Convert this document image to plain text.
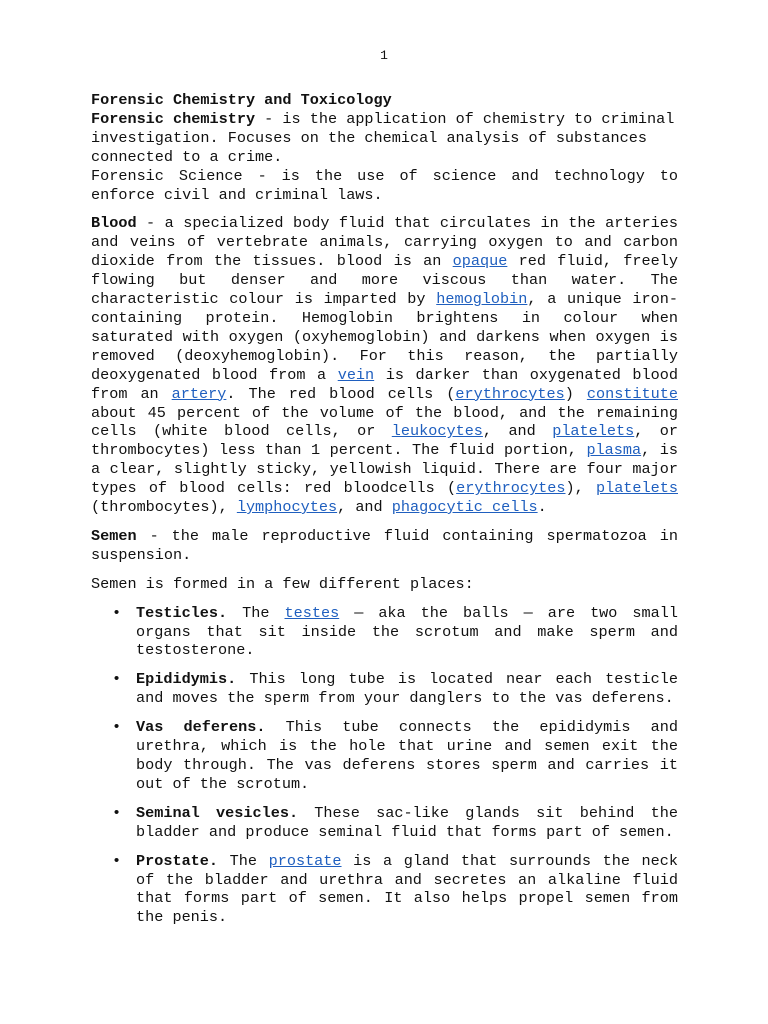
1

Forensic Chemistry and Toxicology

Forensic chemistry - is the application of chemistry to criminal investigation. Focuses on the chemical analysis of substances connected to a crime.

Forensic Science - is the use of science and technology to enforce civil and criminal laws.

Blood - a specialized body fluid that circulates in the arteries and veins of vertebrate animals, carrying oxygen to and carbon dioxide from the tissues. blood is an opaque red fluid, freely flowing but denser and more viscous than water. The characteristic colour is imparted by hemoglobin, a unique iron-containing protein. Hemoglobin brightens in colour when saturated with oxygen (oxyhemoglobin) and darkens when oxygen is removed (deoxyhemoglobin). For this reason, the partially deoxygenated blood from a vein is darker than oxygenated blood from an artery. The red blood cells (erythrocytes) constitute about 45 percent of the volume of the blood, and the remaining cells (white blood cells, or leukocytes, and platelets, or thrombocytes) less than 1 percent. The fluid portion, plasma, is a clear, slightly sticky, yellowish liquid. There are four major types of blood cells: red bloodcells (erythrocytes), platelets (thrombocytes), lymphocytes, and phagocytic cells.

Semen - the male reproductive fluid containing spermatozoa in suspension.

Semen is formed in a few different places:

• Testicles. The testes — aka the balls — are two small organs that sit inside the scrotum and make sperm and testosterone.
• Epididymis. This long tube is located near each testicle and moves the sperm from your danglers to the vas deferens.
• Vas deferens. This tube connects the epididymis and urethra, which is the hole that urine and semen exit the body through. The vas deferens stores sperm and carries it out of the scrotum.
• Seminal vesicles. These sac-like glands sit behind the bladder and produce seminal fluid that forms part of semen.
• Prostate. The prostate is a gland that surrounds the neck of the bladder and urethra and secretes an alkaline fluid that forms part of semen. It also helps propel semen from the penis.
